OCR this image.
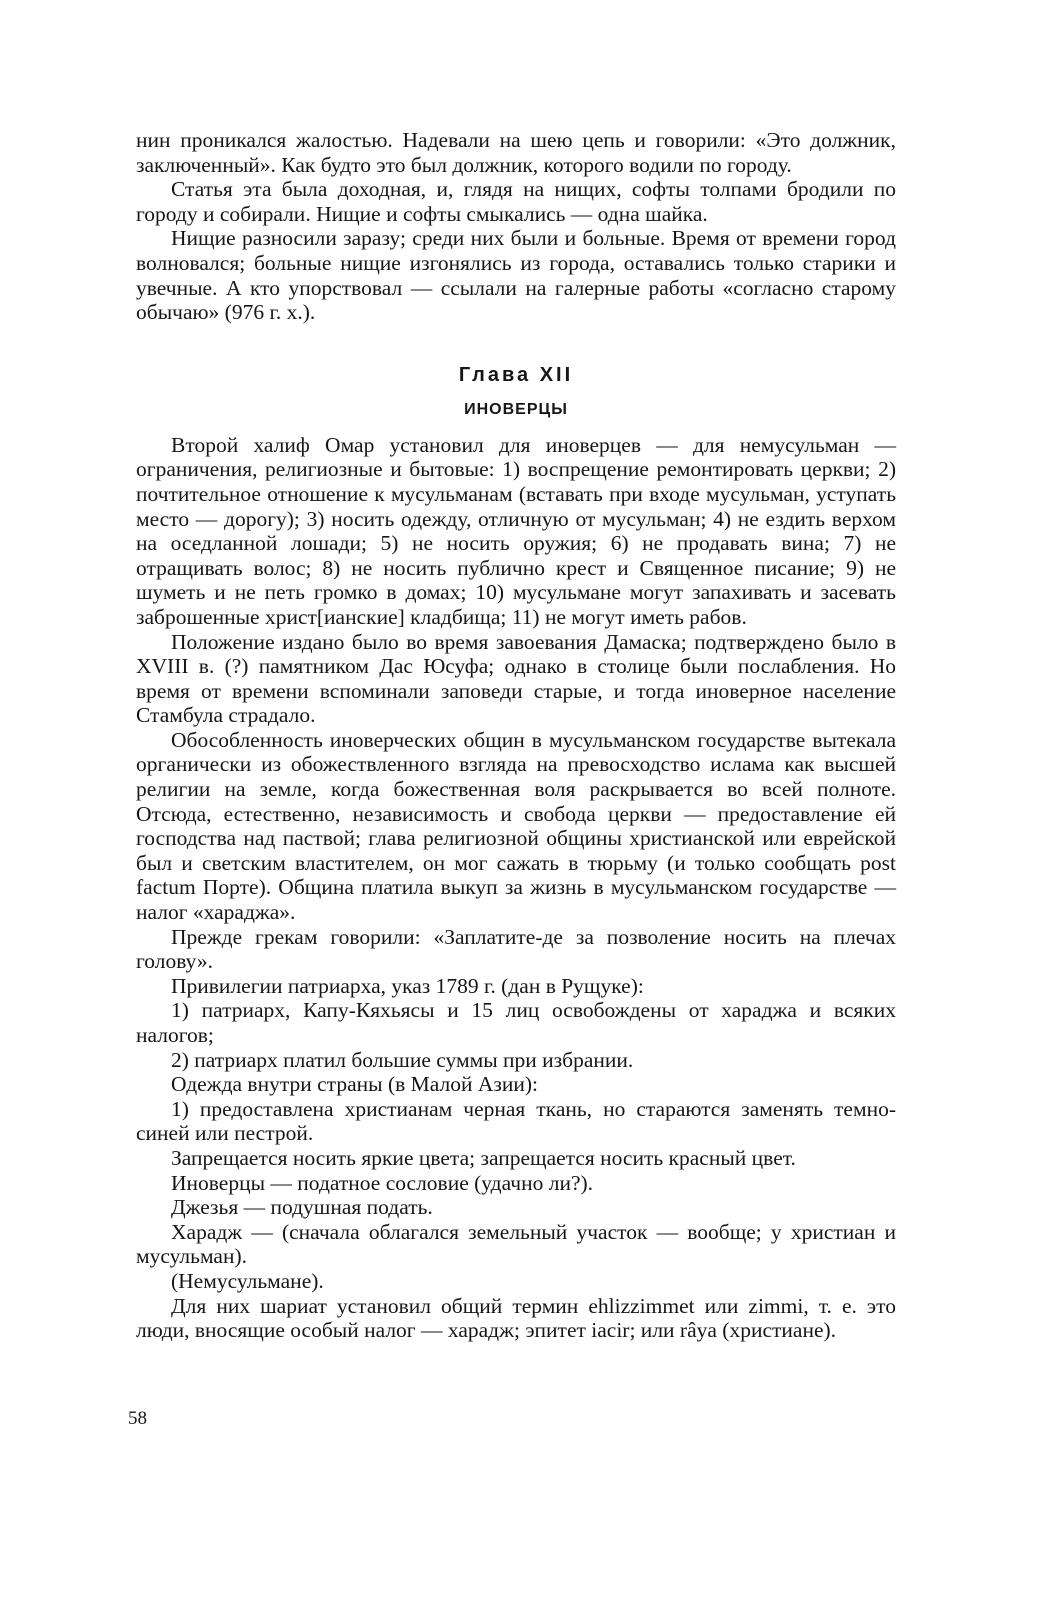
нин проникался жалостью. Надевали на шею цепь и говорили: «Это должник, заключенный». Как будто это был должник, которого водили по городу.

Статья эта была доходная, и, глядя на нищих, софты толпами бродили по городу и собирали. Нищие и софты смыкались — одна шайка.

Нищие разносили заразу; среди них были и больные. Время от времени город волновался; больные нищие изгонялись из города, оставались только старики и увечные. А кто упорствовал — ссылали на галерные работы «согласно старому обычаю» (976 г. х.).

Глава XII
ИНОВЕРЦЫ

Второй халиф Омар установил для иноверцев — для немусульман — ограничения, религиозные и бытовые: 1) воспрещение ремонтировать церкви; 2) почтительное отношение к мусульманам (вставать при входе мусульман, уступать место — дорогу); 3) носить одежду, отличную от мусульман; 4) не ездить верхом на оседланной лошади; 5) не носить оружия; 6) не продавать вина; 7) не отращивать волос; 8) не носить публично крест и Священное писание; 9) не шуметь и не петь громко в домах; 10) мусульмане могут запахивать и засевать заброшенные христ[ианские] кладбища; 11) не могут иметь рабов.

Положение издано было во время завоевания Дамаска; подтверждено было в XVIII в. (?) памятником Дас Юсуфа; однако в столице были послабления. Но время от времени вспоминали заповеди старые, и тогда иноверное население Стамбула страдало.

Обособленность иноверческих общин в мусульманском государстве вытекала органически из обожествленного взгляда на превосходство ислама как высшей религии на земле, когда божественная воля раскрывается во всей полноте. Отсюда, естественно, независимость и свобода церкви — предоставление ей господства над паствой; глава религиозной общины христианской или еврейской был и светским властителем, он мог сажать в тюрьму (и только сообщать post factum Порте). Община платила выкуп за жизнь в мусульманском государстве — налог «хараджа».

Прежде грекам говорили: «Заплатите-де за позволение носить на плечах голову».

Привилегии патриарха, указ 1789 г. (дан в Рущуке):

1) патриарх, Капу-Кяхьясы и 15 лиц освобождены от хараджа и всяких налогов;

2) патриарх платил большие суммы при избрании.

Одежда внутри страны (в Малой Азии):

1) предоставлена христианам черная ткань, но стараются заменять темно-синей или пестрой.

Запрещается носить яркие цвета; запрещается носить красный цвет.

Иноверцы — податное сословие (удачно ли?).

Джезья — подушная подать.

Харадж — (сначала облагался земельный участок — вообще; у христиан и мусульман).

(Немусульмане).

Для них шариат установил общий термин ehlizzimmet или zimmi, т. е. это люди, вносящие особый налог — харадж; эпитет iacir; или râya (христиане).

58
